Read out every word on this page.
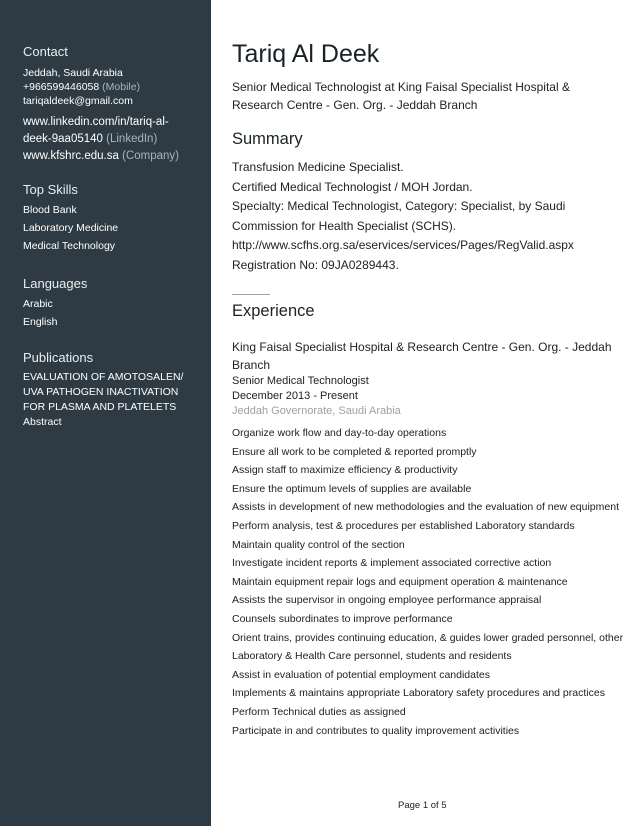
Contact
Jeddah, Saudi Arabia
+966599446058 (Mobile)
tariqaldeek@gmail.com
www.linkedin.com/in/tariq-al-
deek-9aa05140 (LinkedIn)
www.kfshrc.edu.sa (Company)
Top Skills
Blood Bank
Laboratory Medicine
Medical Technology
Languages
Arabic
English
Publications
EVALUATION OF AMOTOSALEN/
UVA PATHOGEN INACTIVATION
FOR PLASMA AND PLATELETS
Abstract
Tariq Al Deek
Senior Medical Technologist at King Faisal Specialist Hospital & Research Centre - Gen. Org. - Jeddah Branch
Summary
Transfusion Medicine Specialist.
Certified Medical Technologist / MOH Jordan.
Specialty: Medical Technologist, Category: Specialist, by Saudi
Commission for Health Specialist (SCHS).
http://www.scfhs.org.sa/eservices/services/Pages/RegValid.aspx
Registration No: 09JA0289443.
Experience
King Faisal Specialist Hospital & Research Centre - Gen. Org. - Jeddah Branch
Senior Medical Technologist
December 2013 - Present
Jeddah Governorate, Saudi Arabia
Organize work flow and day-to-day operations
Ensure all work to be completed & reported promptly
Assign staff to maximize efficiency & productivity
Ensure the optimum levels of supplies are available
Assists in development of new methodologies and the evaluation of new equipment
Perform analysis, test & procedures per established Laboratory standards
Maintain quality control of the section
Investigate incident reports & implement associated corrective action
Maintain equipment repair logs and equipment operation & maintenance
Assists the supervisor in ongoing employee performance appraisal
Counsels subordinates to improve performance
Orient trains, provides continuing education, & guides lower graded personnel, other Laboratory & Health Care personnel, students and residents
Assist in evaluation of potential employment candidates
Implements & maintains appropriate Laboratory safety procedures and practices
Perform Technical duties as assigned
Participate in and contributes to quality improvement activities
Page 1 of 5
